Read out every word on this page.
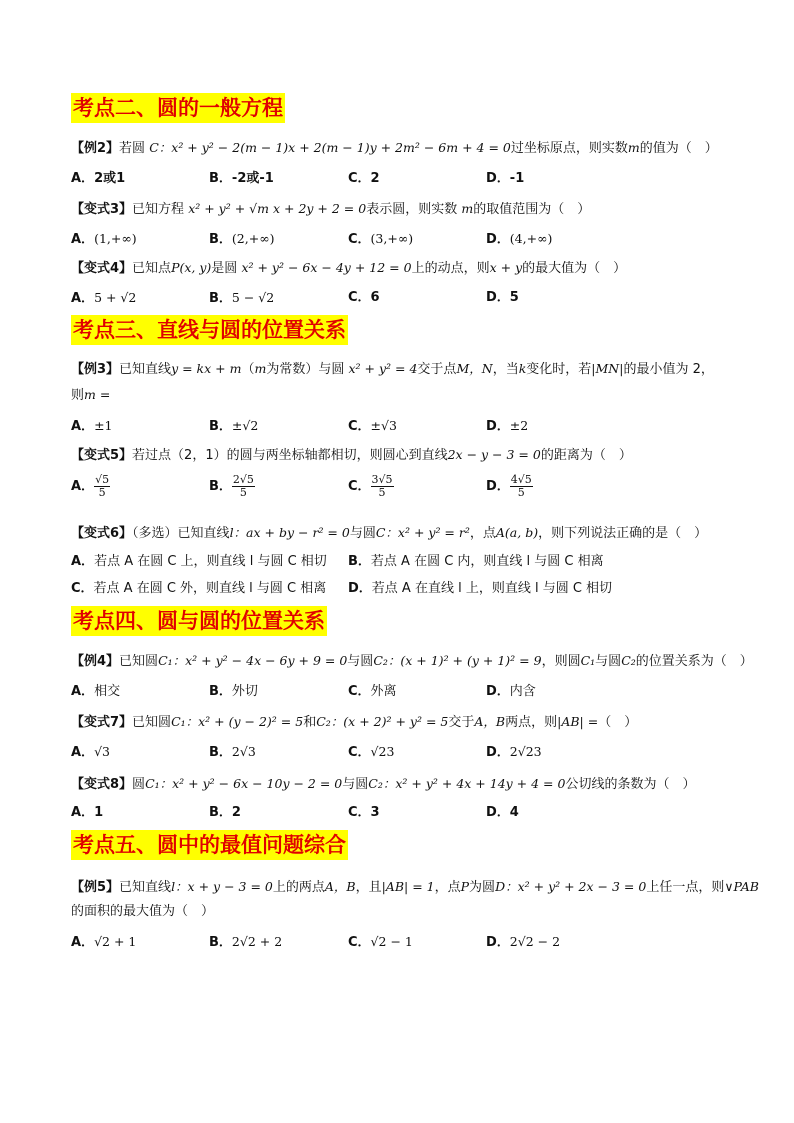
考点二、圆的一般方程
【例2】若圆 C：x² + y² − 2(m − 1)x + 2(m − 1)y + 2m² − 6m + 4 = 0过坐标原点，则实数m的值为（　）
A．2或1	B．-2或-1	C．2	D．-1
【变式3】已知方程 x² + y² + √m x + 2y + 2 = 0表示圆，则实数 m的取值范围为（　）
A．(1,+∞)	B．(2,+∞)	C．(3,+∞)	D．(4,+∞)
【变式4】已知点P(x, y)是圆 x² + y² − 6x − 4y + 12 = 0上的动点，则x + y的最大值为（　）
A．5 + √2	B．5 − √2	C．6	D．5
考点三、直线与圆的位置关系
【例3】已知直线y = kx + m（m为常数）与圆 x² + y² = 4交于点M，N，当k变化时，若|MN|的最小值为 2，
则m =
A．±1	B．±√2	C．±√3	D．±2
【变式5】若过点（2，1）的圆与两坐标轴都相切，则圆心到直线2x − y − 3 = 0的距离为（　）
A． $\frac{√5}{5}$	B． $\frac{2√5}{5}$	C． $\frac{3√5}{5}$	D． $\frac{4√5}{5}$
【变式6】（多选）已知直线l：ax + by − r² = 0与圆C：x² + y² = r²，点A(a, b)，则下列说法正确的是（　）
A．若点 A 在圆 C 上，则直线 l 与圆 C 相切 B．若点 A 在圆 C 内，则直线 l 与圆 C 相离
C．若点 A 在圆 C 外，则直线 l 与圆 C 相离 D．若点 A 在直线 l 上，则直线 l 与圆 C 相切
考点四、圆与圆的位置关系
【例4】已知圆C₁：x² + y² − 4x − 6y + 9 = 0与圆C₂：(x + 1)² + (y + 1)² = 9，则圆C₁与圆C₂的位置关系为（　）
A．相交	B．外切	C．外离	D．内含
【变式7】已知圆C₁：x² + (y − 2)² = 5和C₂：(x + 2)² + y² = 5交于A，B两点，则|AB| =（　）
A．√3	B．2√3	C．√23	D．2√23
【变式8】圆C₁：x² + y² − 6x − 10y − 2 = 0与圆C₂：x² + y² + 4x + 14y + 4 = 0公切线的条数为（　）
A．1	B．2	C．3	D．4
考点五、圆中的最值问题综合
【例5】已知直线l：x + y − 3 = 0上的两点A，B，且|AB| = 1，点P为圆D：x² + y² + 2x − 3 = 0上任一点，则∨PAB
的面积的最大值为（　）
A．√2 + 1	B．2√2 + 2	C．√2 − 1	D．2√2 − 2
